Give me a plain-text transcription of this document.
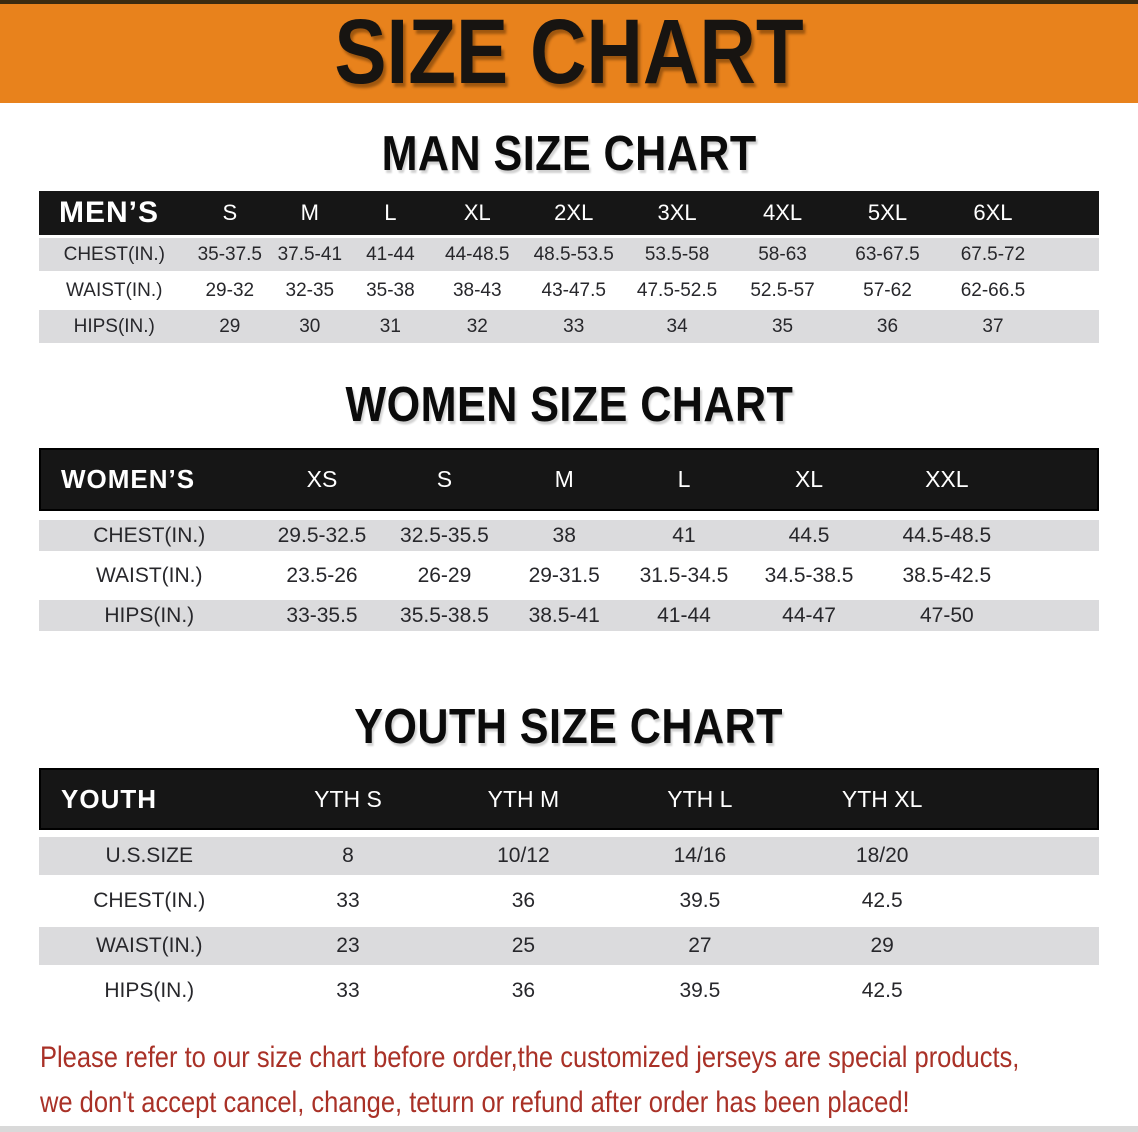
SIZE CHART
MAN SIZE CHART
MEN’S	S	M	L	XL	2XL	3XL	4XL	5XL	6XL	
CHEST(IN.)	35-37.5	37.5-41	41-44	44-48.5	48.5-53.5	53.5-58	58-63	63-67.5	67.5-72	
WAIST(IN.)	29-32	32-35	35-38	38-43	43-47.5	47.5-52.5	52.5-57	57-62	62-66.5	
HIPS(IN.)	29	30	31	32	33	34	35	36	37	
WOMEN SIZE CHART
WOMEN’S	XS	S	M	L	XL	XXL	
CHEST(IN.)	29.5-32.5	32.5-35.5	38	41	44.5	44.5-48.5	
WAIST(IN.)	23.5-26	26-29	29-31.5	31.5-34.5	34.5-38.5	38.5-42.5	
HIPS(IN.)	33-35.5	35.5-38.5	38.5-41	41-44	44-47	47-50	
YOUTH SIZE CHART
YOUTH	YTH S	YTH M	YTH L	YTH XL	
U.S.SIZE	8	10/12	14/16	18/20	
CHEST(IN.)	33	36	39.5	42.5	
WAIST(IN.)	23	25	27	29	
HIPS(IN.)	33	36	39.5	42.5	
Please refer to our size chart before order,the customized jerseys are special products,
we don't accept cancel, change, teturn or refund after order has been placed!
